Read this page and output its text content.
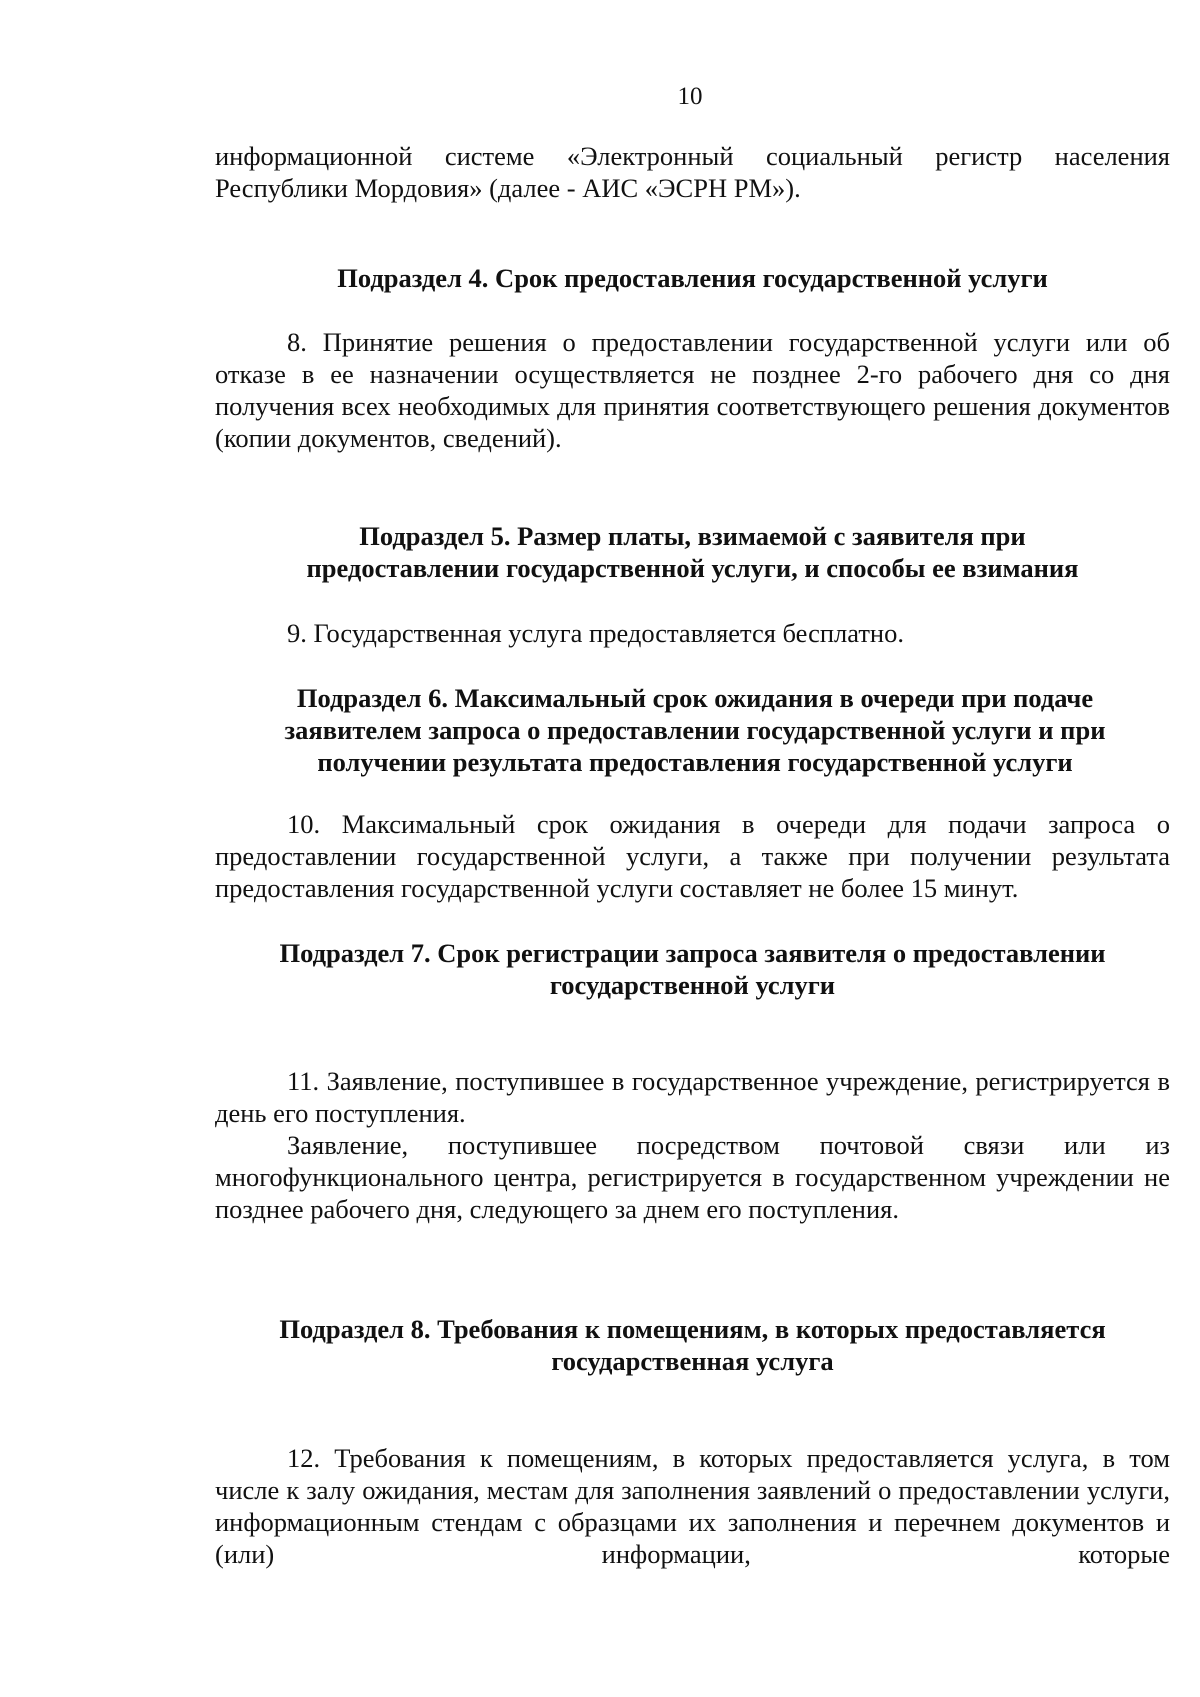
10

информационной системе «Электронный социальный регистр населения Республики Мордовия» (далее - АИС «ЭСРН РМ»).

Подраздел 4. Срок предоставления государственной услуги

8. Принятие решения о предоставлении государственной услуги или об отказе в ее назначении осуществляется не позднее 2-го рабочего дня со дня получения всех необходимых для принятия соответствующего решения документов (копии документов, сведений).

Подраздел 5. Размер платы, взимаемой с заявителя при
предоставлении государственной услуги, и способы ее взимания

9. Государственная услуга предоставляется бесплатно.

Подраздел 6. Максимальный срок ожидания в очереди при подаче
заявителем запроса о предоставлении государственной услуги и при
получении результата предоставления государственной услуги

10. Максимальный срок ожидания в очереди для подачи запроса о предоставлении государственной услуги, а также при получении результата предоставления государственной услуги составляет не более 15 минут.

Подраздел 7. Срок регистрации запроса заявителя о предоставлении
государственной услуги

11. Заявление, поступившее в государственное учреждение, регистрируется в день его поступления.

Заявление, поступившее посредством почтовой связи или из многофункционального центра, регистрируется в государственном учреждении не позднее рабочего дня, следующего за днем его поступления.

Подраздел 8. Требования к помещениям, в которых предоставляется
государственная услуга

12. Требования к помещениям, в которых предоставляется услуга, в том числе к залу ожидания, местам для заполнения заявлений о предоставлении услуги, информационным стендам с образцами их заполнения и перечнем документов и (или) информации, которые
